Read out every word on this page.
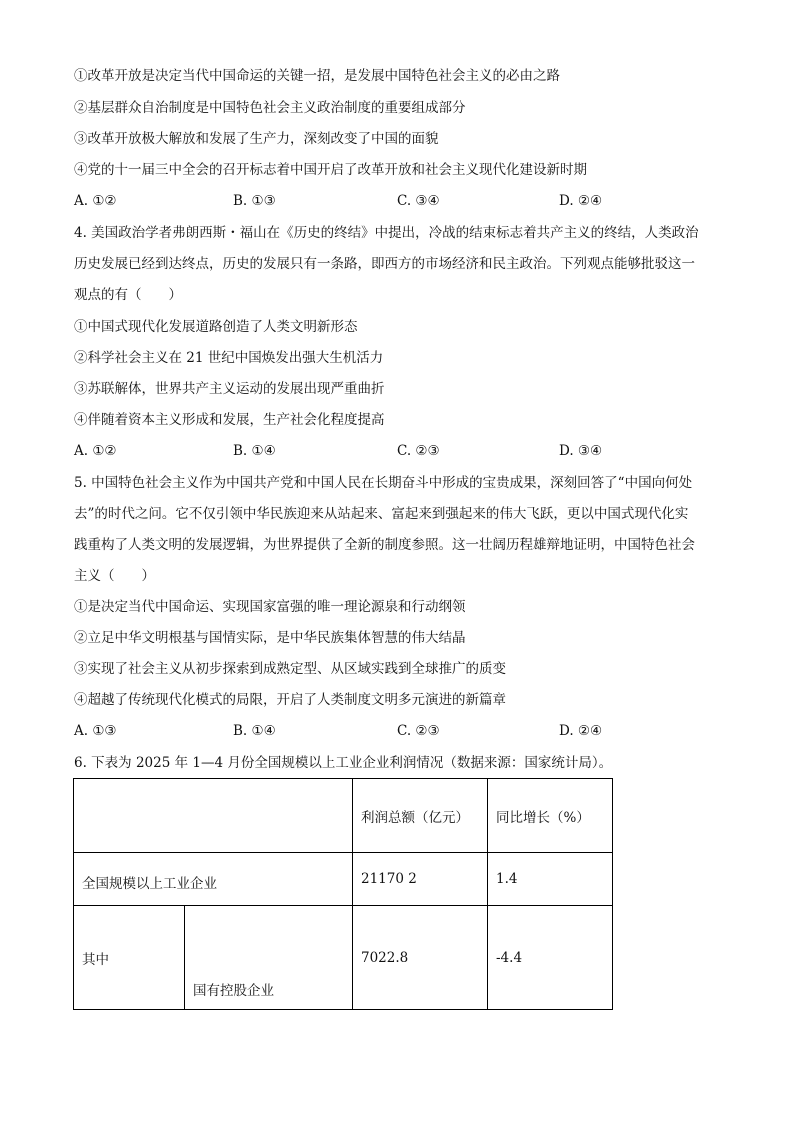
①改革开放是决定当代中国命运的关键一招，是发展中国特色社会主义的必由之路
②基层群众自治制度是中国特色社会主义政治制度的重要组成部分
③改革开放极大解放和发展了生产力，深刻改变了中国的面貌
④党的十一届三中全会的召开标志着中国开启了改革开放和社会主义现代化建设新时期
A. ①②	B. ①③	C. ③④	D. ②④
4. 美国政治学者弗朗西斯・福山在《历史的终结》中提出，冷战的结束标志着共产主义的终结，人类政治
历史发展已经到达终点，历史的发展只有一条路，即西方的市场经济和民主政治。下列观点能够批驳这一
观点的有（　　）
①中国式现代化发展道路创造了人类文明新形态
②科学社会主义在 21 世纪中国焕发出强大生机活力
③苏联解体，世界共产主义运动的发展出现严重曲折
④伴随着资本主义形成和发展，生产社会化程度提高
A. ①②	B. ①④	C. ②③	D. ③④
5. 中国特色社会主义作为中国共产党和中国人民在长期奋斗中形成的宝贵成果，深刻回答了“中国向何处
去”的时代之问。它不仅引领中华民族迎来从站起来、富起来到强起来的伟大飞跃，更以中国式现代化实
践重构了人类文明的发展逻辑，为世界提供了全新的制度参照。这一壮阔历程雄辩地证明，中国特色社会
主义（　　）
①是决定当代中国命运、实现国家富强的唯一理论源泉和行动纲领
②立足中华文明根基与国情实际，是中华民族集体智慧的伟大结晶
③实现了社会主义从初步探索到成熟定型、从区域实践到全球推广的质变
④超越了传统现代化模式的局限，开启了人类制度文明多元演进的新篇章
A. ①③	B. ①④	C. ②③	D. ②④
6. 下表为 2025 年 1—4 月份全国规模以上工业企业利润情况（数据来源：国家统计局）。
		利润总额（亿元）	同比增长（%）
全国规模以上工业企业		21170 2	1.4
其中	国有控股企业	7022.8	-4.4
